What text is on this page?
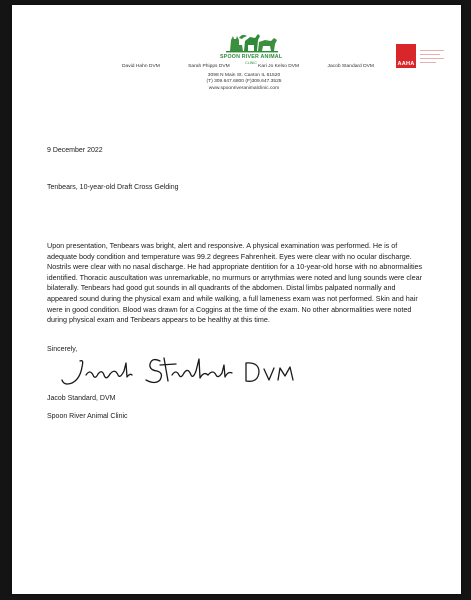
SPOON RIVER ANIMAL
CLINIC
David Hahn DVM	Sarah Phipps DVM	Kari Jo Kelso DVM	Jacob Standard DVM
3098 N Main St. Canton IL 61520
(T) 309.647.6800 (F)309.647.3525
www.spoonriveranimalclinic.com
AAHA
9 December 2022
Tenbears, 10-year-old Draft Cross Gelding
Upon presentation, Tenbears was bright, alert and responsive. A physical examination was performed. He is of adequate body condition and temperature was 99.2 degrees Fahrenheit. Eyes were clear with no ocular discharge. Nostrils were clear with no nasal discharge. He had appropriate dentition for a 10-year-old horse with no abnormalities identified. Thoracic auscultation was unremarkable, no murmurs or arrythmias were noted and lung sounds were clear bilaterally. Tenbears had good gut sounds in all quadrants of the abdomen. Distal limbs palpated normally and appeared sound during the physical exam and while walking, a full lameness exam was not performed. Skin and hair were in good condition. Blood was drawn for a Coggins at the time of the exam. No other abnormalities were noted during physical exam and Tenbears appears to be healthy at this time.
Sincerely,
Jacob Standard, DVM
Spoon River Animal Clinic
